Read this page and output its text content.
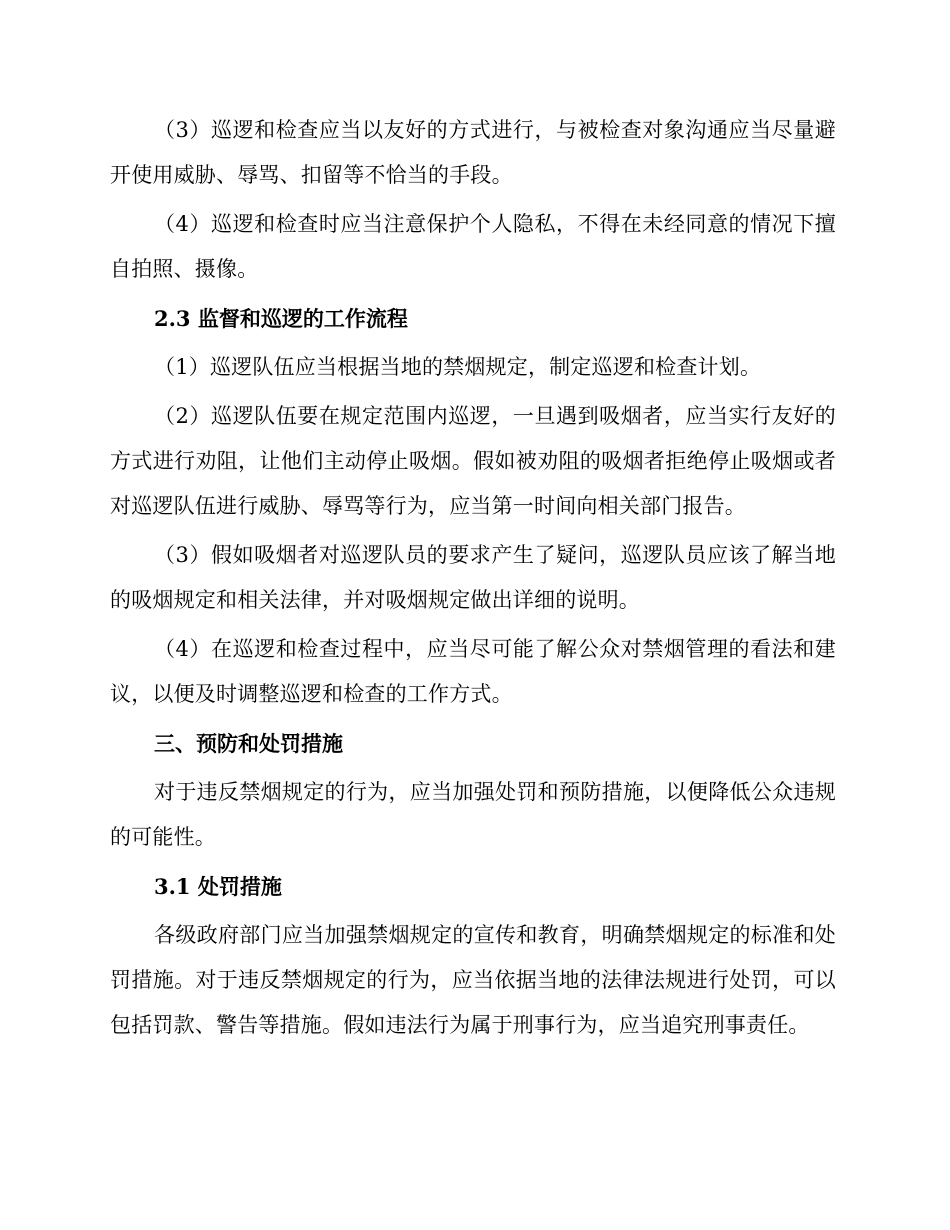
（3）巡逻和检查应当以友好的方式进行，与被检查对象沟通应当尽量避开使用威胁、辱骂、扣留等不恰当的手段。

（4）巡逻和检查时应当注意保护个人隐私，不得在未经同意的情况下擅自拍照、摄像。

2.3 监督和巡逻的工作流程

（1）巡逻队伍应当根据当地的禁烟规定，制定巡逻和检查计划。

（2）巡逻队伍要在规定范围内巡逻，一旦遇到吸烟者，应当实行友好的方式进行劝阻，让他们主动停止吸烟。假如被劝阻的吸烟者拒绝停止吸烟或者对巡逻队伍进行威胁、辱骂等行为，应当第一时间向相关部门报告。

（3）假如吸烟者对巡逻队员的要求产生了疑问，巡逻队员应该了解当地的吸烟规定和相关法律，并对吸烟规定做出详细的说明。

（4）在巡逻和检查过程中，应当尽可能了解公众对禁烟管理的看法和建议，以便及时调整巡逻和检查的工作方式。

三、预防和处罚措施

对于违反禁烟规定的行为，应当加强处罚和预防措施，以便降低公众违规的可能性。

3.1 处罚措施

各级政府部门应当加强禁烟规定的宣传和教育，明确禁烟规定的标准和处罚措施。对于违反禁烟规定的行为，应当依据当地的法律法规进行处罚，可以包括罚款、警告等措施。假如违法行为属于刑事行为，应当追究刑事责任。
